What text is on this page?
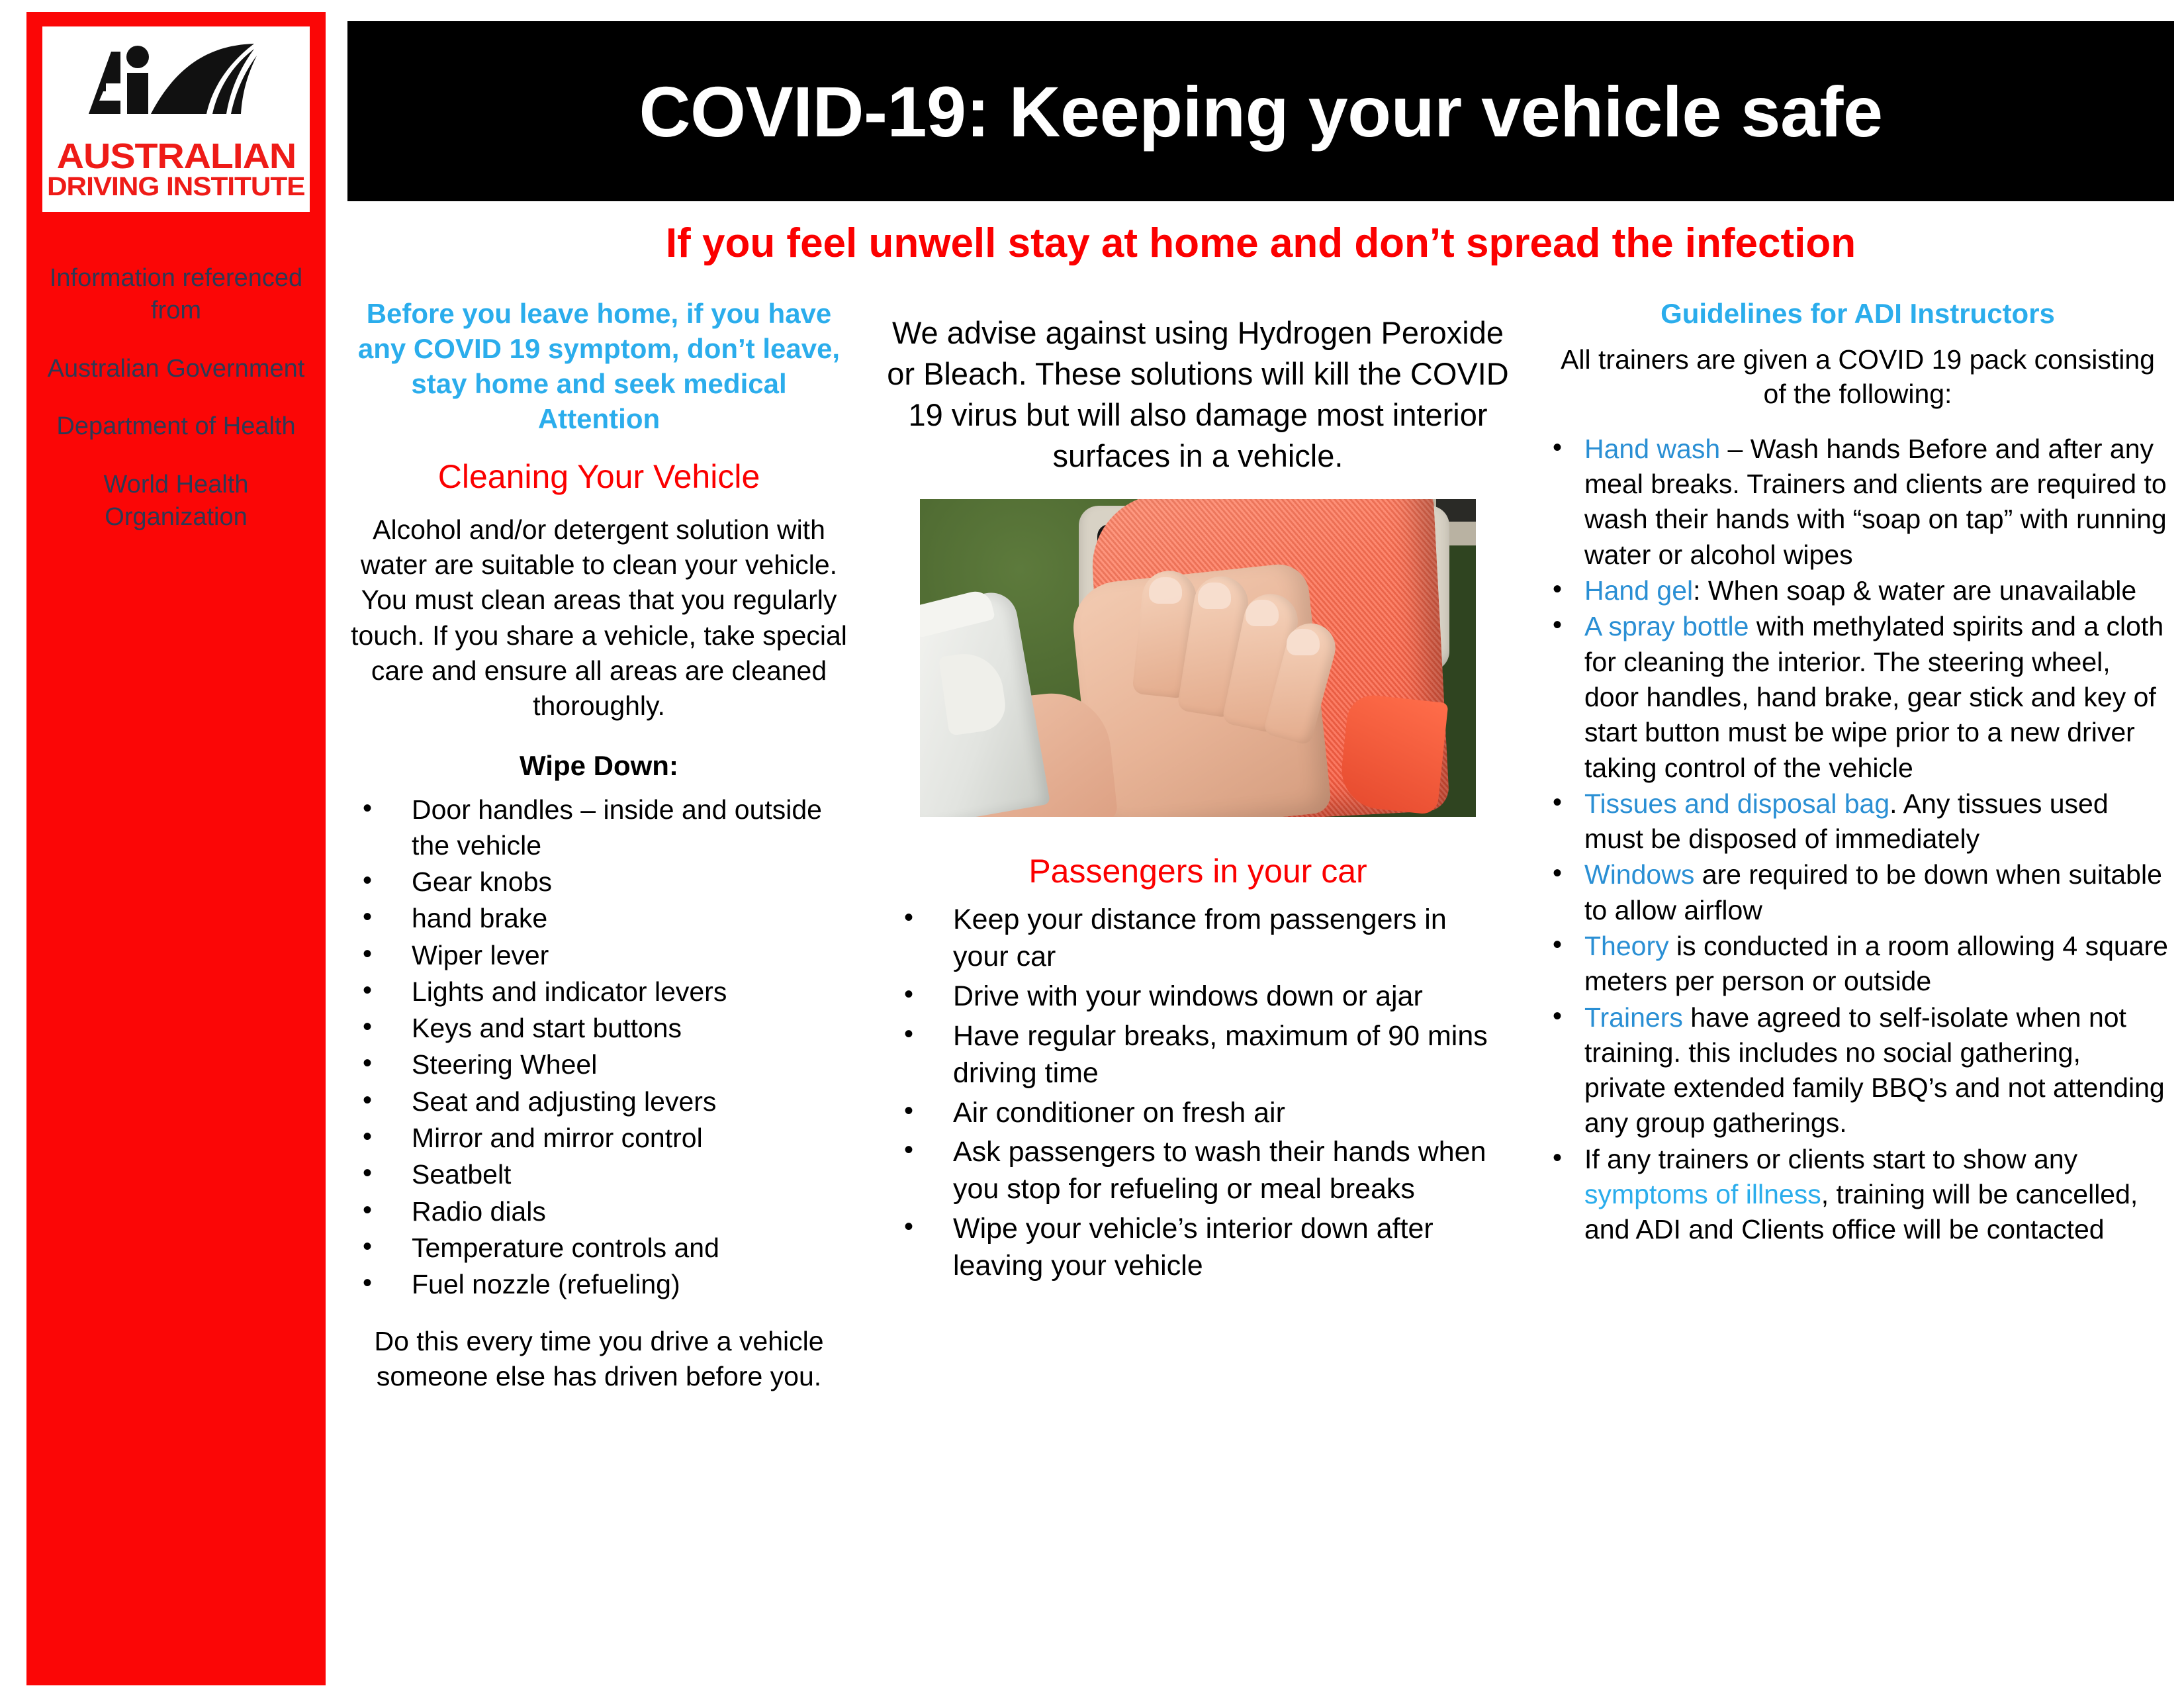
AUSTRALIAN
DRIVING INSTITUTE
Information referenced from
Australian Government
Department of Health
World Health Organization
COVID-19: Keeping your vehicle safe
If you feel unwell stay at home and don’t spread the infection
Before you leave home, if you have any COVID 19 symptom, don’t leave, stay home and seek medical Attention
Cleaning Your Vehicle
Alcohol and/or detergent solution with water are suitable to clean your vehicle. You must clean areas that you regularly touch. If you share a vehicle, take special care and ensure all areas are cleaned thoroughly.
Wipe Down:
• Door handles – inside and outside the vehicle
• Gear knobs
• hand brake
• Wiper lever
• Lights and indicator levers
• Keys and start buttons
• Steering Wheel
• Seat and adjusting levers
• Mirror and mirror control
• Seatbelt
• Radio dials
• Temperature controls and
• Fuel nozzle (refueling)
Do this every time you drive a vehicle someone else has driven before you.
We advise against using Hydrogen Peroxide or Bleach. These solutions will kill the COVID 19 virus but will also damage most interior surfaces in a vehicle.
Passengers in your car
• Keep your distance from passengers in your car
• Drive with your windows down or ajar
• Have regular breaks, maximum of 90 mins driving time
• Air conditioner on fresh air
• Ask passengers to wash their hands when you stop for refueling or meal breaks
• Wipe your vehicle’s interior down after leaving your vehicle
Guidelines for ADI Instructors
All trainers are given a COVID 19 pack consisting of the following:
• Hand wash – Wash hands Before and after any meal breaks. Trainers and clients are required to wash their hands with “soap on tap” with running water or alcohol wipes
• Hand gel: When soap & water are unavailable
• A spray bottle with methylated spirits and a cloth for cleaning the interior. The steering wheel, door handles, hand brake, gear stick and key of start button must be wipe prior to a new driver taking control of the vehicle
• Tissues and disposal bag. Any tissues used must be disposed of immediately
• Windows are required to be down when suitable to allow airflow
• Theory is conducted in a room allowing 4 square meters per person or outside
• Trainers have agreed to self-isolate when not training. this includes no social gathering, private extended family BBQ’s and not attending any group gatherings.
• If any trainers or clients start to show any symptoms of illness, training will be cancelled, and ADI and Clients office will be contacted
